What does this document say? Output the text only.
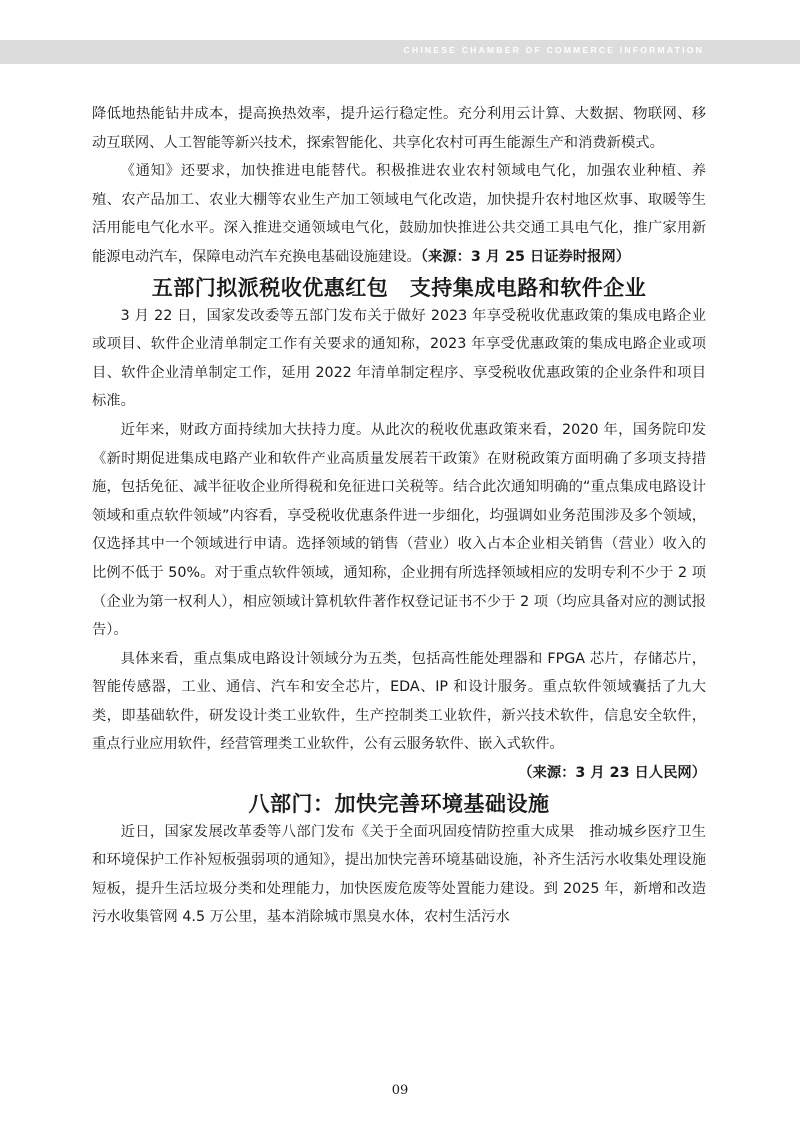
CHINESE CHAMBER OF COMMERCE INFORMATION

降低地热能钻井成本，提高换热效率，提升运行稳定性。充分利用云计算、大数据、物联网、移动互联网、人工智能等新兴技术，探索智能化、共享化农村可再生能源生产和消费新模式。

《通知》还要求，加快推进电能替代。积极推进农业农村领域电气化，加强农业种植、养殖、农产品加工、农业大棚等农业生产加工领域电气化改造，加快提升农村地区炊事、取暖等生活用能电气化水平。深入推进交通领域电气化，鼓励加快推进公共交通工具电气化，推广家用新能源电动汽车，保障电动汽车充换电基础设施建设。（来源：3 月 25 日证券时报网）

五部门拟派税收优惠红包　支持集成电路和软件企业

3 月 22 日，国家发改委等五部门发布关于做好 2023 年享受税收优惠政策的集成电路企业或项目、软件企业清单制定工作有关要求的通知称，2023 年享受优惠政策的集成电路企业或项目、软件企业清单制定工作，延用 2022 年清单制定程序、享受税收优惠政策的企业条件和项目标准。

近年来，财政方面持续加大扶持力度。从此次的税收优惠政策来看，2020 年，国务院印发《新时期促进集成电路产业和软件产业高质量发展若干政策》在财税政策方面明确了多项支持措施，包括免征、减半征收企业所得税和免征进口关税等。结合此次通知明确的“重点集成电路设计领域和重点软件领域”内容看，享受税收优惠条件进一步细化，均强调如业务范围涉及多个领域，仅选择其中一个领域进行申请。选择领域的销售（营业）收入占本企业相关销售（营业）收入的比例不低于 50%。对于重点软件领域，通知称，企业拥有所选择领域相应的发明专利不少于 2 项（企业为第一权利人），相应领域计算机软件著作权登记证书不少于 2 项（均应具备对应的测试报告）。

具体来看，重点集成电路设计领域分为五类，包括高性能处理器和 FPGA 芯片，存储芯片，智能传感器，工业、通信、汽车和安全芯片，EDA、IP 和设计服务。重点软件领域囊括了九大类，即基础软件，研发设计类工业软件，生产控制类工业软件，新兴技术软件，信息安全软件，重点行业应用软件，经营管理类工业软件，公有云服务软件、嵌入式软件。

（来源：3 月 23 日人民网）

八部门：加快完善环境基础设施

近日，国家发展改革委等八部门发布《关于全面巩固疫情防控重大成果　推动城乡医疗卫生和环境保护工作补短板强弱项的通知》，提出加快完善环境基础设施，补齐生活污水收集处理设施短板，提升生活垃圾分类和处理能力，加快医废危废等处置能力建设。到 2025 年，新增和改造污水收集管网 4.5 万公里，基本消除城市黑臭水体，农村生活污水

09
